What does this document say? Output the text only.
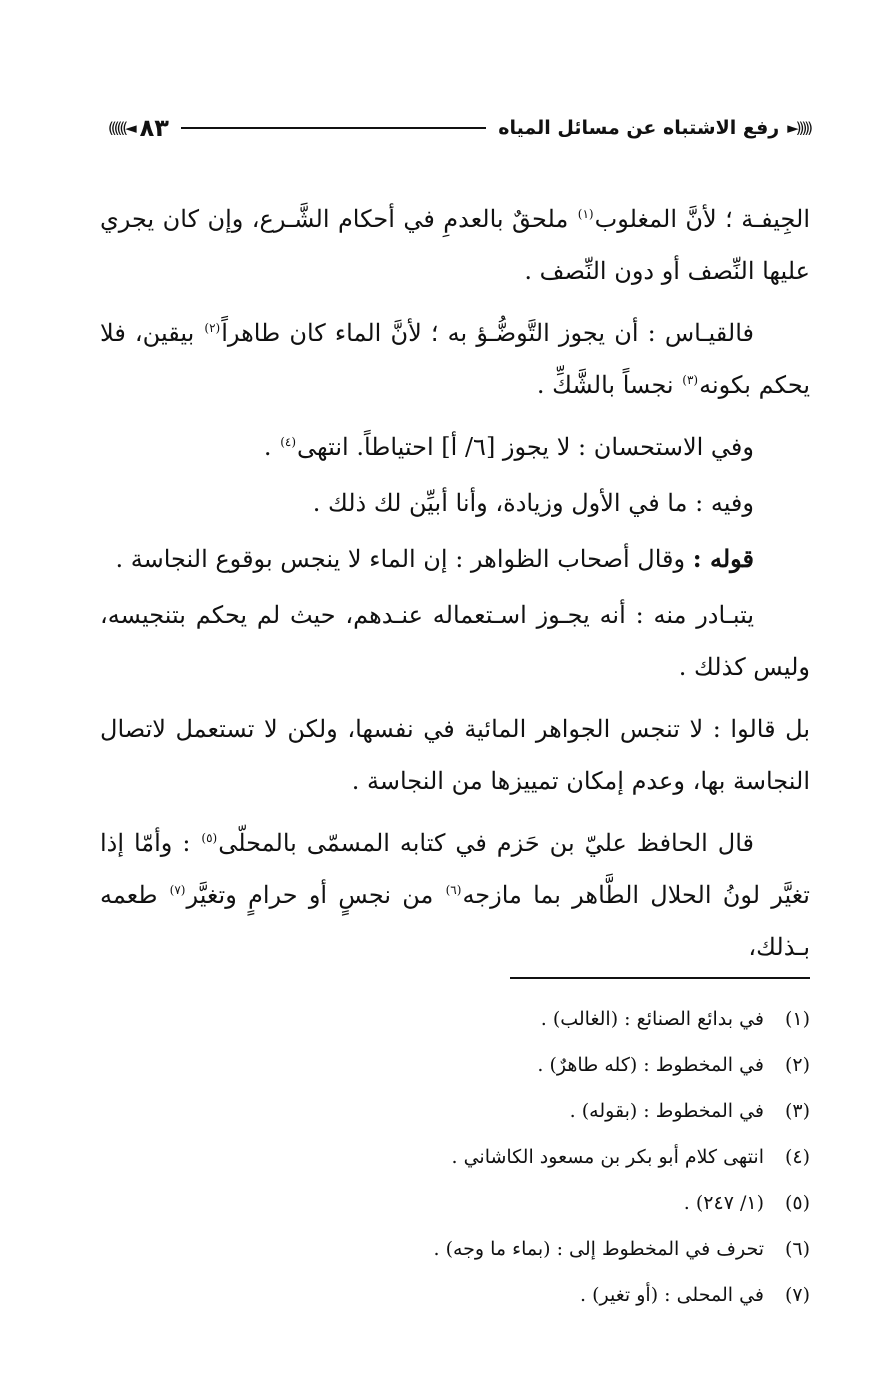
(((((►
رفع الاشتباه عن مسائل المياه
٨٣
◄))))))

الجِيفـة ؛ لأنَّ المغلوب$^{(١)}$ ملحقٌ بالعدمِ في أحكام الشَّـرع، وإن كان يجري عليها النِّصف أو دون النِّصف .

فالقيـاس : أن يجوز التَّوضُّـؤ به ؛ لأنَّ الماء كان طاهراً$^{(٢)}$ بيقين، فلا يحكم بكونه$^{(٣)}$ نجساً بالشَّكِّ .

وفي الاستحسان : لا يجوز [٦/ أ] احتياطاً. انتهى$^{(٤)}$ .

وفيه : ما في الأول وزيادة، وأنا أبيِّن لك ذلك .

قوله : وقال أصحاب الظواهر : إن الماء لا ينجس بوقوع النجاسة .

يتبـادر منه : أنه يجـوز اسـتعماله عنـدهم، حيث لم يحكم بتنجيسه، وليس كذلك .

بل قالوا : لا تنجس الجواهر المائية في نفسها، ولكن لا تستعمل لاتصال النجاسة بها، وعدم إمكان تمييزها من النجاسة .

قال الحافظ عليّ بن حَزم في كتابه المسمّى بالمحلّى$^{(٥)}$ : وأمّا إذا تغيَّر لونُ الحلال الطَّاهر بما مازجه$^{(٦)}$ من نجسٍ أو حرامٍ وتغيَّر$^{(٧)}$ طعمه بـذلك،

(١)
في بدائع الصنائع : (الغالب) .
(٢)
في المخطوط : (كله طاهرٌ) .
(٣)
في المخطوط : (بقوله) .
(٤)
انتهى كلام أبو بكر بن مسعود الكاشاني .
(٥)
(١/ ٢٤٧) .
(٦)
تحرف في المخطوط إلى : (بماء ما وجه) .
(٧)
في المحلى : (أو تغير) .
